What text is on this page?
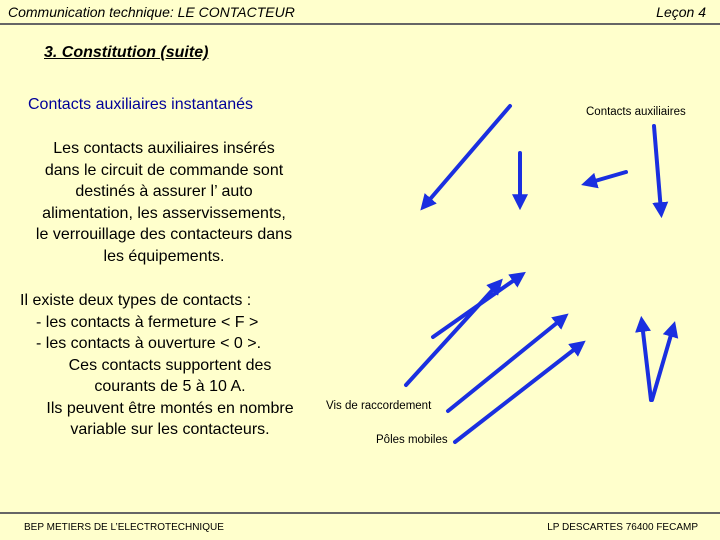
Communication technique: LE CONTACTEUR	Leçon 4
3. Constitution (suite)
Contacts auxiliaires instantanés
Les contacts auxiliaires insérés
dans le circuit de commande sont
destinés à assurer l’ auto
alimentation, les asservissements,
le verrouillage des contacteurs dans
les équipements.
Il existe deux types de contacts :
- les contacts à fermeture < F >
- les contacts à ouverture < 0 >.
Ces contacts supportent des
courants de 5 à 10 A.
Ils peuvent être montés en nombre
variable sur les contacteurs.
Contacts auxiliaires
Vis de raccordement
Pôles mobiles
BEP METIERS DE L’ELECTROTECHNIQUE	LP DESCARTES 76400 FECAMP
